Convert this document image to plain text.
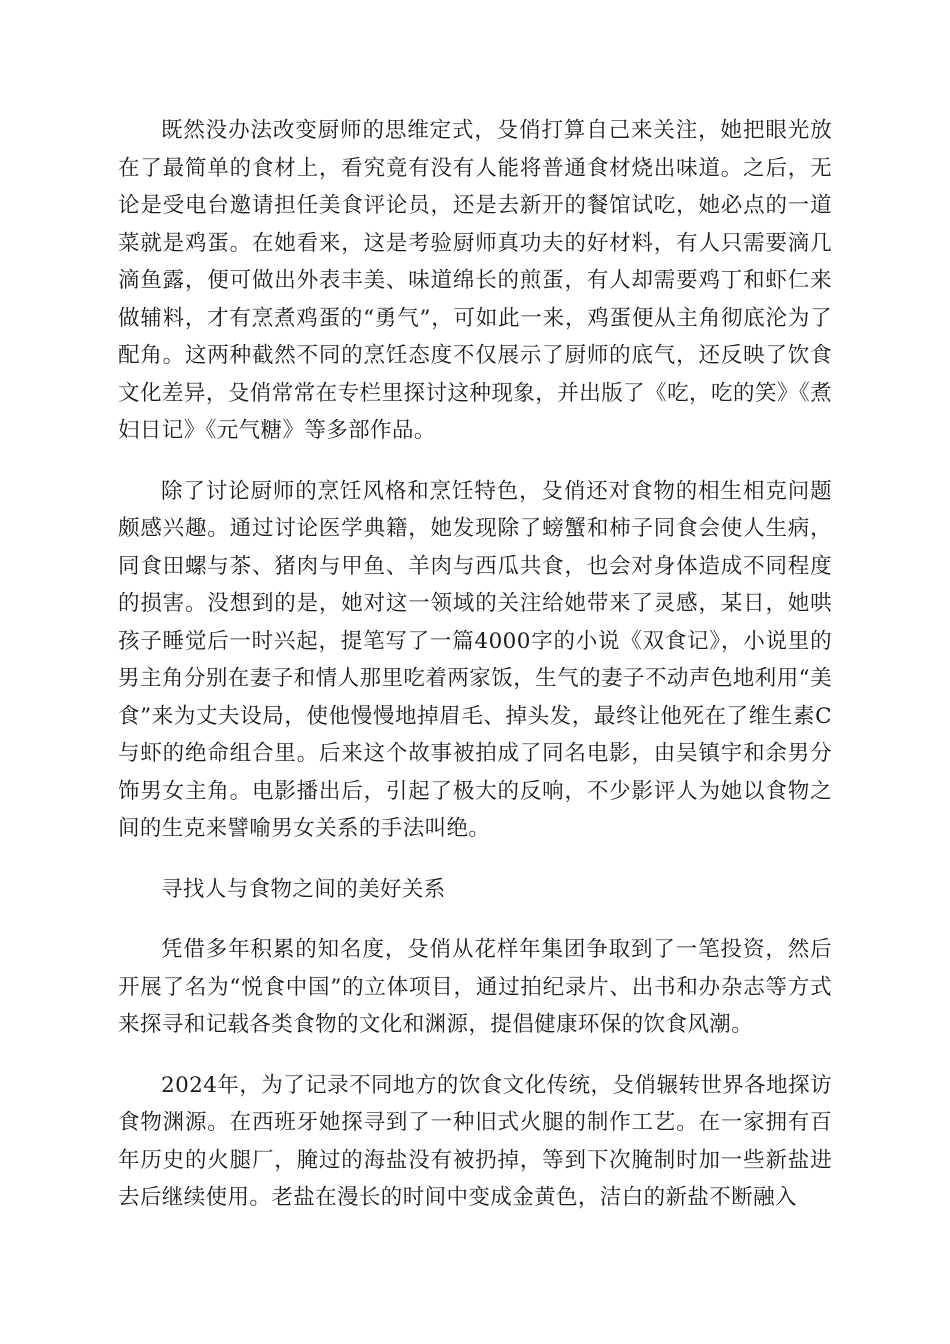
既然没办法改变厨师的思维定式，殳俏打算自己来关注，她把眼光放在了最简单的食材上，看究竟有没有人能将普通食材烧出味道。之后，无论是受电台邀请担任美食评论员，还是去新开的餐馆试吃，她必点的一道菜就是鸡蛋。在她看来，这是考验厨师真功夫的好材料，有人只需要滴几滴鱼露，便可做出外表丰美、味道绵长的煎蛋，有人却需要鸡丁和虾仁来做辅料，才有烹煮鸡蛋的“勇气”，可如此一来，鸡蛋便从主角彻底沦为了配角。这两种截然不同的烹饪态度不仅展示了厨师的底气，还反映了饮食文化差异，殳俏常常在专栏里探讨这种现象，并出版了《吃，吃的笑》《煮妇日记》《元气糖》等多部作品。

除了讨论厨师的烹饪风格和烹饪特色，殳俏还对食物的相生相克问题颇感兴趣。通过讨论医学典籍，她发现除了螃蟹和柿子同食会使人生病，同食田螺与茶、猪肉与甲鱼、羊肉与西瓜共食，也会对身体造成不同程度的损害。没想到的是，她对这一领域的关注给她带来了灵感，某日，她哄孩子睡觉后一时兴起，提笔写了一篇4000字的小说《双食记》，小说里的男主角分别在妻子和情人那里吃着两家饭，生气的妻子不动声色地利用“美食”来为丈夫设局，使他慢慢地掉眉毛、掉头发，最终让他死在了维生素C与虾的绝命组合里。后来这个故事被拍成了同名电影，由吴镇宇和余男分饰男女主角。电影播出后，引起了极大的反响，不少影评人为她以食物之间的生克来譬喻男女关系的手法叫绝。

寻找人与食物之间的美好关系

凭借多年积累的知名度，殳俏从花样年集团争取到了一笔投资，然后开展了名为“悦食中国”的立体项目，通过拍纪录片、出书和办杂志等方式来探寻和记载各类食物的文化和渊源，提倡健康环保的饮食风潮。

2024年，为了记录不同地方的饮食文化传统，殳俏辗转世界各地探访食物渊源。在西班牙她探寻到了一种旧式火腿的制作工艺。在一家拥有百年历史的火腿厂，腌过的海盐没有被扔掉，等到下次腌制时加一些新盐进去后继续使用。老盐在漫长的时间中变成金黄色，洁白的新盐不断融入
